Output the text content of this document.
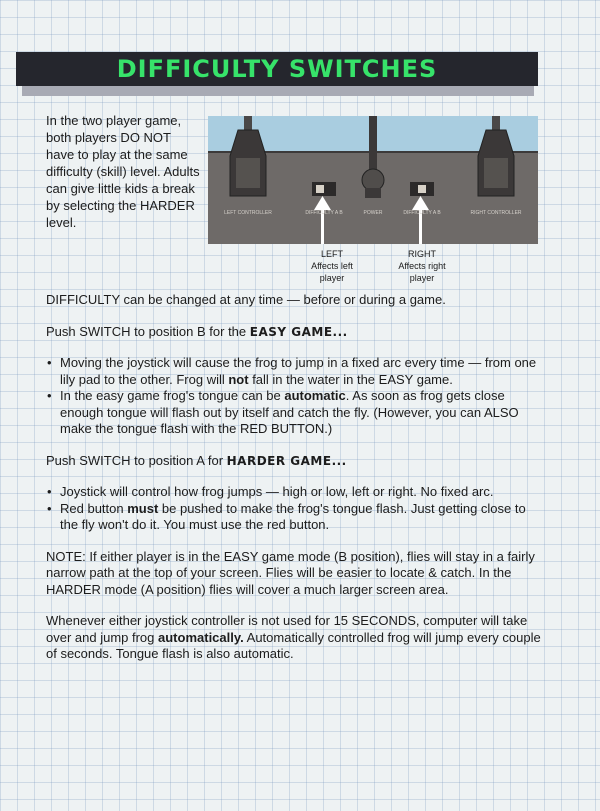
DIFFICULTY SWITCHES

In the two player game, both players DO NOT have to play at the same difficulty (skill) level. Adults can give little kids a break by selecting the HARDER level.

LEFT CONTROLLER	DIFFICULTY A B	POWER	DIFFICULTY A B	RIGHT CONTROLLER
LEFT
Affects left
player
RIGHT
Affects right
player

DIFFICULTY can be changed at any time — before or during a game.

Push SWITCH to position B for the EASY GAME...

• Moving the joystick will cause the frog to jump in a fixed arc every time — from one lily pad to the other. Frog will not fall in the water in the EASY game.

• In the easy game frog's tongue can be automatic. As soon as frog gets close enough tongue will flash out by itself and catch the fly. (However, you can ALSO make the tongue flash with the RED BUTTON.)

Push SWITCH to position A for HARDER GAME...

• Joystick will control how frog jumps — high or low, left or right. No fixed arc.

• Red button must be pushed to make the frog's tongue flash. Just getting close to the fly won't do it. You must use the red button.

NOTE: If either player is in the EASY game mode (B position), flies will stay in a fairly narrow path at the top of your screen. Flies will be easier to locate & catch. In the HARDER mode (A position) flies will cover a much larger screen area.

Whenever either joystick controller is not used for 15 SECONDS, computer will take over and jump frog automatically. Automatically controlled frog will jump every couple of seconds. Tongue flash is also automatic.
